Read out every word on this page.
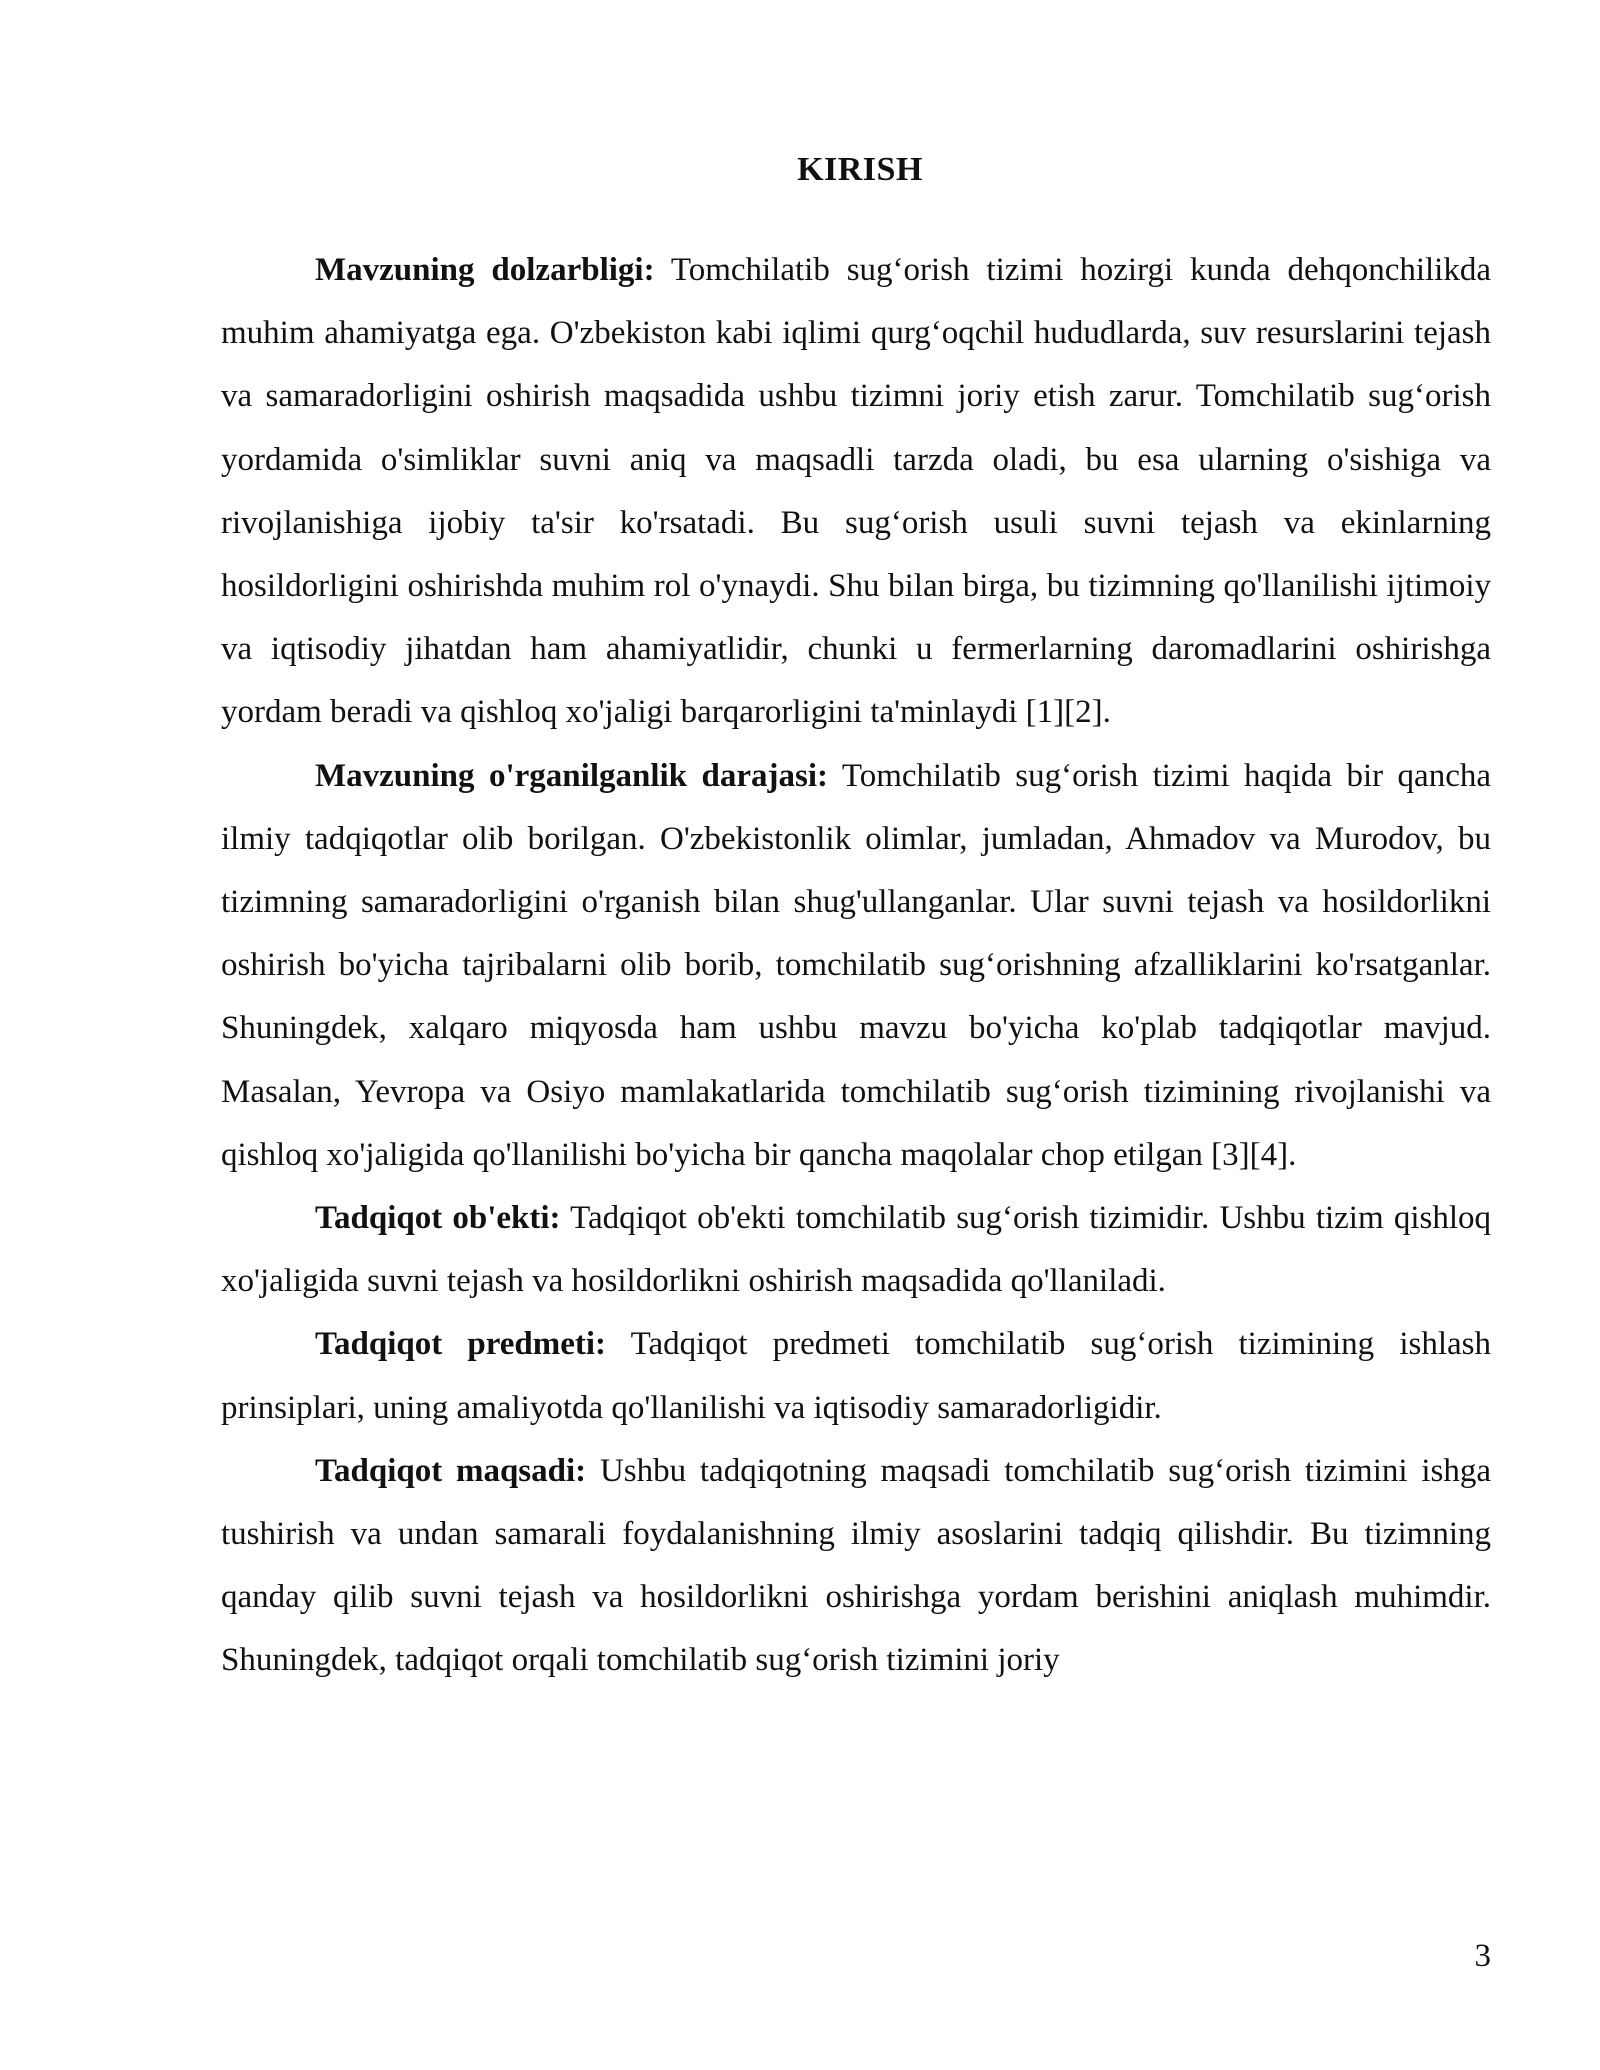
KIRISH

Mavzuning dolzarbligi: Tomchilatib sug‘orish tizimi hozirgi kunda dehqonchilikda muhim ahamiyatga ega. O'zbekiston kabi iqlimi qurg‘oqchil hududlarda, suv resurslarini tejash va samaradorligini oshirish maqsadida ushbu tizimni joriy etish zarur. Tomchilatib sug‘orish yordamida o'simliklar suvni aniq va maqsadli tarzda oladi, bu esa ularning o'sishiga va rivojlanishiga ijobiy ta'sir ko'rsatadi. Bu sug‘orish usuli suvni tejash va ekinlarning hosildorligini oshirishda muhim rol o'ynaydi. Shu bilan birga, bu tizimning qo'llanilishi ijtimoiy va iqtisodiy jihatdan ham ahamiyatlidir, chunki u fermerlarning daromadlarini oshirishga yordam beradi va qishloq xo'jaligi barqarorligini ta'minlaydi [1][2].

Mavzuning o'rganilganlik darajasi: Tomchilatib sug‘orish tizimi haqida bir qancha ilmiy tadqiqotlar olib borilgan. O'zbekistonlik olimlar, jumladan, Ahmadov va Murodov, bu tizimning samaradorligini o'rganish bilan shug'ullanganlar. Ular suvni tejash va hosildorlikni oshirish bo'yicha tajribalarni olib borib, tomchilatib sug‘orishning afzalliklarini ko'rsatganlar. Shuningdek, xalqaro miqyosda ham ushbu mavzu bo'yicha ko'plab tadqiqotlar mavjud. Masalan, Yevropa va Osiyo mamlakatlarida tomchilatib sug‘orish tizimining rivojlanishi va qishloq xo'jaligida qo'llanilishi bo'yicha bir qancha maqolalar chop etilgan [3][4].

Tadqiqot ob'ekti: Tadqiqot ob'ekti tomchilatib sug‘orish tizimidir. Ushbu tizim qishloq xo'jaligida suvni tejash va hosildorlikni oshirish maqsadida qo'llaniladi.

Tadqiqot predmeti: Tadqiqot predmeti tomchilatib sug‘orish tizimining ishlash prinsiplari, uning amaliyotda qo'llanilishi va iqtisodiy samaradorligidir.

Tadqiqot maqsadi: Ushbu tadqiqotning maqsadi tomchilatib sug‘orish tizimini ishga tushirish va undan samarali foydalanishning ilmiy asoslarini tadqiq qilishdir. Bu tizimning qanday qilib suvni tejash va hosildorlikni oshirishga yordam berishini aniqlash muhimdir. Shuningdek, tadqiqot orqali tomchilatib sug‘orish tizimini joriy

3
